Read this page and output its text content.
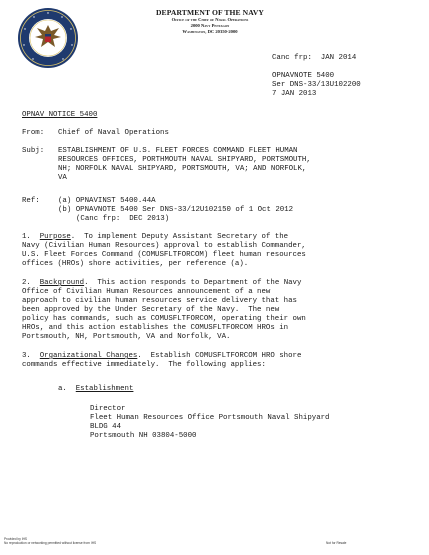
DEPARTMENT OF THE NAVY
Office of the Chief of Naval Operations
2000 Navy Pentagon
Washington, DC 20350-2000
Canc frp:  JAN 2014
OPNAVNOTE 5400
Ser DNS-33/13U102200
7 JAN 2013
OPNAV NOTICE 5400
From: Chief of Naval Operations
Subj: ESTABLISHMENT OF U.S. FLEET FORCES COMMAND FLEET HUMAN
RESOURCES OFFICES, PORTHMOUTH NAVAL SHIPYARD, PORTSMOUTH,
NH; NORFOLK NAVAL SHIPYARD, PORTSMOUTH, VA; AND NORFOLK,
VA
Ref: (a) OPNAVINST 5400.44A
(b) OPNAVNOTE 5400 Ser DNS-33/12U102150 of 1 Oct 2012
(Canc frp:  DEC 2013)
1. Purpose.  To implement Deputy Assistant Secretary of the
Navy (Civilian Human Resources) approval to establish Commander,
U.S. Fleet Forces Command (COMUSFLTFORCOM) fleet human resources
offices (HROs) shore activities, per reference (a).
2. Background.  This action responds to Department of the Navy
Office of Civilian Human Resources announcement of a new
approach to civilian human resources service delivery that has
been approved by the Under Secretary of the Navy.  The new
policy has commands, such as COMUSFLTFORCOM, operating their own
HROs, and this action establishes the COMUSFLTFORCOM HROs in
Portsmouth, NH, Portsmouth, VA and Norfolk, VA.
3. Organizational Changes.  Establish COMUSFLTFORCOM HRO shore
commands effective immediately.  The following applies:
a. Establishment
Director
Fleet Human Resources Office Portsmouth Naval Shipyard
BLDG 44
Portsmouth NH 03804-5000
Provided by IHS
No reproduction or networking permitted without license from IHS	Not for Resale
